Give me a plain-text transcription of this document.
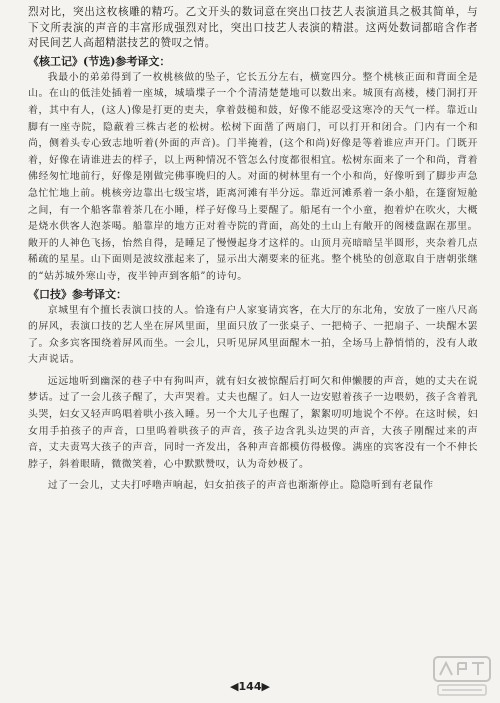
烈对比，突出这枚核雕的精巧。乙文开头的数词意在突出口技艺人表演道具之极其简单，与下文所表演的声音的丰富形成强烈对比，突出口技艺人表演的精湛。这两处数词都暗含作者对民间艺人高超精湛技艺的赞叹之情。

《核工记》(节选)参考译文：

我最小的弟弟得到了一枚桃核做的坠子，它长五分左右，横宽四分。整个桃核正面和背面全是山。在山的低洼处插着一座城，城墙堞子一个个清清楚楚地可以数出来。城顶有高楼，楼门洞打开着，其中有人，(这人)像是打更的吏夫，拿着鼓槌和鼓，好像不能忍受这寒冷的天气一样。靠近山脚有一座寺院，隐蔽着三株古老的松树。松树下面凿了两扇门，可以打开和闭合。门内有一个和尚，侧着头专心致志地听着(外面的声音)。门半掩着，(这个和尚)好像是等着谁应声开门。门既开着，好像在请谁进去的样子，以上两种情况不管怎么付度都很相宜。松树东面来了一个和尚，背着佛经匆忙地前行，好像是刚做完佛事晚归的人。对面的树林里有一个小和尚，好像听到了脚步声急急忙忙地上前。桃核旁边靠出七级宝塔，距离河滩有半分远。靠近河滩系着一条小船，在篷窗短舱之间，有一个船客靠着茶几在小睡，样子好像马上要醒了。船尾有一个小童，抱着炉在吹火，大概是烧水供客人泡茶喝。船靠岸的地方正对着寺院的背面，高处的土山上有敞开的阁楼盘踞在那里。敞开的人神色飞扬，怡然自得，是睡足了慢慢起身才这样的。山顶月亮暗暗呈半圆形，夹杂着几点稀疏的星星。山下面则是波纹涨起来了，显示出大潮要来的征兆。整个桃坠的创意取自于唐朝张继的“姑苏城外寒山寺，夜半钟声到客船”的诗句。

《口技》参考译文：

京城里有个擅长表演口技的人。恰逢有户人家宴请宾客，在大厅的东北角，安放了一座八尺高的屏风，表演口技的艺人坐在屏风里面，里面只放了一张桌子、一把椅子、一把扇子、一块醒木罢了。众多宾客围绕着屏风而坐。一会儿，只听见屏风里面醒木一拍，全场马上静悄悄的，没有人敢大声说话。

远远地听到幽深的巷子中有狗叫声，就有妇女被惊醒后打呵欠和伸懒腰的声音，她的丈夫在说梦话。过了一会儿孩子醒了，大声哭着。丈夫也醒了。妇人一边安慰着孩子一边喂奶，孩子含着乳头哭，妇女又轻声呜唱着哄小孩入睡。另一个大儿子也醒了，絮絮叨叨地说个不停。在这时候，妇女用手拍孩子的声音，口里呜着哄孩子的声音，孩子边含乳头边哭的声音，大孩子刚醒过来的声音，丈夫责骂大孩子的声音，同时一齐发出，各种声音都模仿得极像。满座的宾客没有一个不伸长脖子，斜着眼睛，微微笑着，心中默默赞叹，认为奇妙极了。

过了一会儿，丈夫打呼噜声响起，妇女拍孩子的声音也渐渐停止。隐隐听到有老鼠作

◀144▶
